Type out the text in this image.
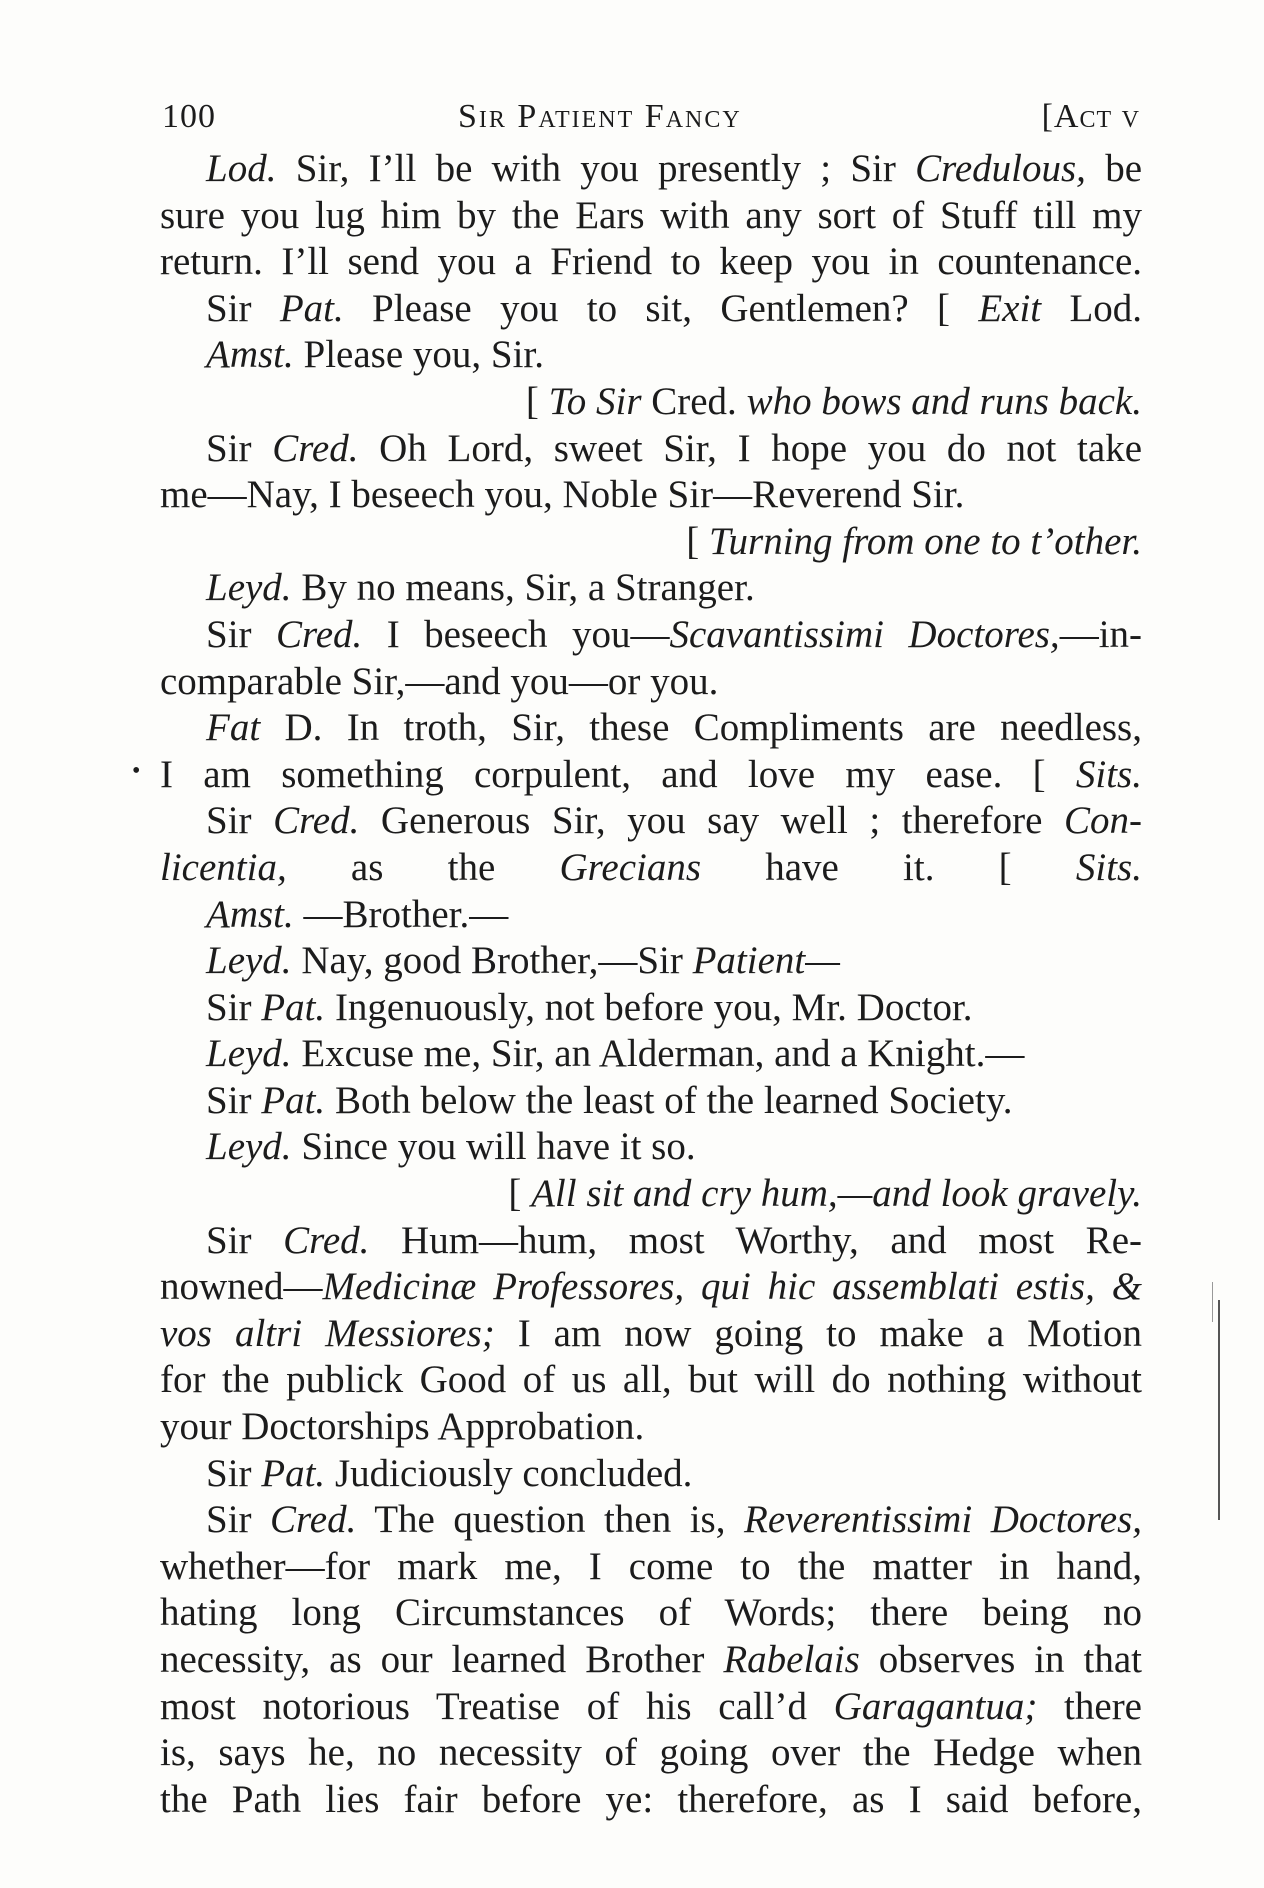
100	Sir Patient Fancy	[Act v
•
Lod. Sir, I’ll be with you presently ; Sir Credulous, be
sure you lug him by the Ears with any sort of Stuff till my
return. I’ll send you a Friend to keep you in countenance.
Sir Pat. Please you to sit, Gentlemen? [ Exit Lod.
Amst. Please you, Sir.
[ To Sir Cred. who bows and runs back.
Sir Cred. Oh Lord, sweet Sir, I hope you do not take
me—Nay, I beseech you, Noble Sir—Reverend Sir.
[ Turning from one to t’other.
Leyd. By no means, Sir, a Stranger.
Sir Cred. I beseech you—Scavantissimi Doctores,—in-
comparable Sir,—and you—or you.
Fat D. In troth, Sir, these Compliments are needless,
I am something corpulent, and love my ease. [ Sits.
Sir Cred. Generous Sir, you say well ; therefore Con-
licentia, as the Grecians have it. [ Sits.
Amst. —Brother.—
Leyd. Nay, good Brother,—Sir Patient—
Sir Pat. Ingenuously, not before you, Mr. Doctor.
Leyd. Excuse me, Sir, an Alderman, and a Knight.—
Sir Pat. Both below the least of the learned Society.
Leyd. Since you will have it so.
[ All sit and cry hum,—and look gravely.
Sir Cred. Hum—hum, most Worthy, and most Re-
nowned—Medicinæ Professores, qui hic assemblati estis, &
vos altri Messiores; I am now going to make a Motion
for the publick Good of us all, but will do nothing without
your Doctorships Approbation.
Sir Pat. Judiciously concluded.
Sir Cred. The question then is, Reverentissimi Doctores,
whether—for mark me, I come to the matter in hand,
hating long Circumstances of Words; there being no
necessity, as our learned Brother Rabelais observes in that
most notorious Treatise of his call’d Garagantua; there
is, says he, no necessity of going over the Hedge when
the Path lies fair before ye: therefore, as I said before,
